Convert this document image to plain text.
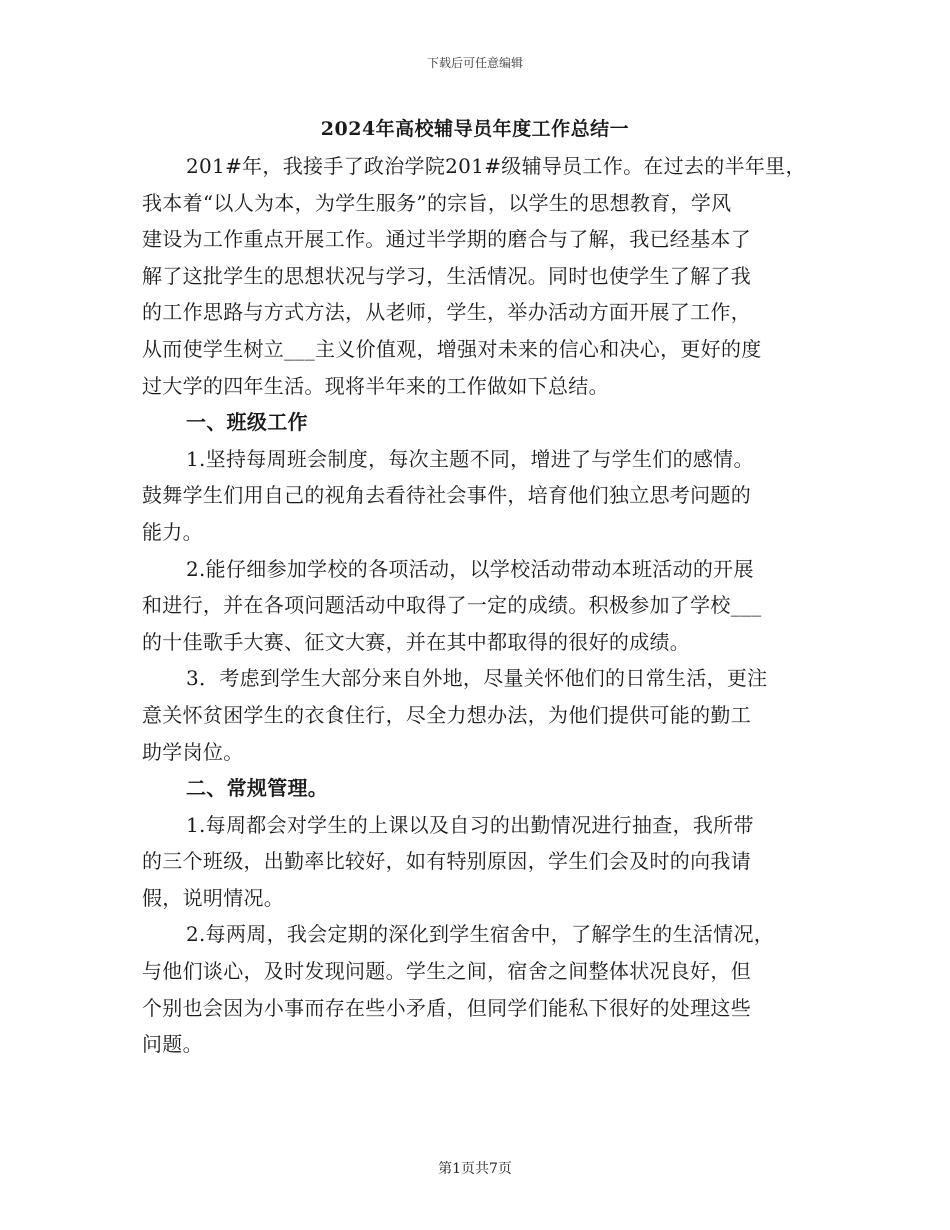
下载后可任意编辑
2024年高校辅导员年度工作总结一
201#年，我接手了政治学院201#级辅导员工作。在过去的半年里，
我本着“以人为本，为学生服务”的宗旨，以学生的思想教育，学风
建设为工作重点开展工作。通过半学期的磨合与了解，我已经基本了
解了这批学生的思想状况与学习，生活情况。同时也使学生了解了我
的工作思路与方式方法，从老师，学生，举办活动方面开展了工作，
从而使学生树立___主义价值观，增强对未来的信心和决心，更好的度
过大学的四年生活。现将半年来的工作做如下总结。
一、班级工作
1.坚持每周班会制度，每次主题不同，增进了与学生们的感情。
鼓舞学生们用自己的视角去看待社会事件，培育他们独立思考问题的
能力。
2.能仔细参加学校的各项活动，以学校活动带动本班活动的开展
和进行，并在各项问题活动中取得了一定的成绩。积极参加了学校___
的十佳歌手大赛、征文大赛，并在其中都取得的很好的成绩。
3．考虑到学生大部分来自外地，尽量关怀他们的日常生活，更注
意关怀贫困学生的衣食住行，尽全力想办法，为他们提供可能的勤工
助学岗位。
二、常规管理。
1.每周都会对学生的上课以及自习的出勤情况进行抽查，我所带
的三个班级，出勤率比较好，如有特别原因，学生们会及时的向我请
假，说明情况。
2.每两周，我会定期的深化到学生宿舍中，了解学生的生活情况，
与他们谈心，及时发现问题。学生之间，宿舍之间整体状况良好，但
个别也会因为小事而存在些小矛盾，但同学们能私下很好的处理这些
问题。
第1页共7页
